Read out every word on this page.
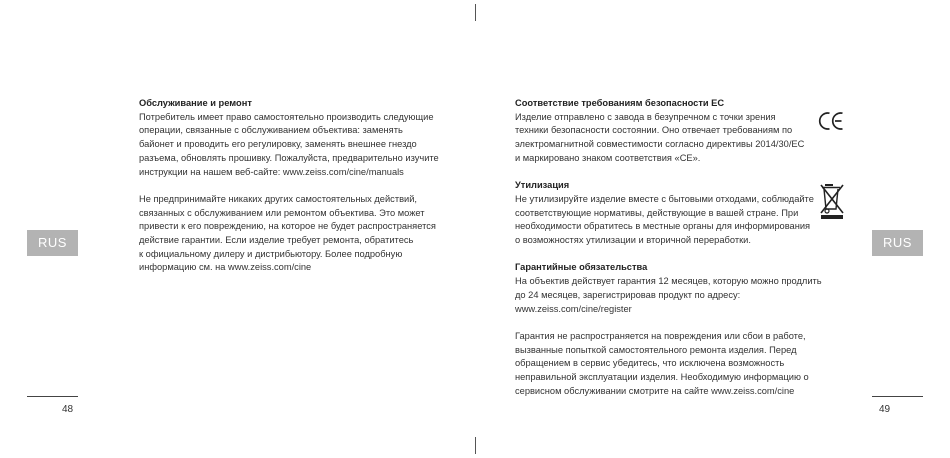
RUS	RUS
48	49
Обслуживание и ремонт
Потребитель имеет право самостоятельно производить следующие
операции, связанные с обслуживанием объектива: заменять
байонет и проводить его регулировку, заменять внешнее гнездо
разъема, обновлять прошивку. Пожалуйста, предварительно изучите
инструкции на нашем веб-сайте: www.zeiss.com/cine/manuals
Не предпринимайте никаких других самостоятельных действий,
связанных с обслуживанием или ремонтом объектива. Это может
привести к его повреждению, на которое не будет распространяется
действие гарантии. Если изделие требует ремонта, обратитесь
к официальному дилеру и дистрибьютору. Более подробную
информацию см. на www.zeiss.com/cine
Соответствие требованиям безопасности ЕС
Изделие отправлено с завода в безупречном с точки зрения
техники безопасности состоянии. Оно отвечает требованиям по
электромагнитной совместимости согласно директивы 2014/30/ЕС
и маркировано знаком соответствия «CE».
Утилизация
Не утилизируйте изделие вместе с бытовыми отходами, соблюдайте
соответствующие нормативы, действующие в вашей стране. При
необходимости обратитесь в местные органы для информирования
о возможностях утилизации и вторичной переработки.
Гарантийные обязательства
На объектив действует гарантия 12 месяцев, которую можно продлить
до 24 месяцев, зарегистрировав продукт по адресу:
www.zeiss.com/cine/register
Гарантия не распространяется на повреждения или сбои в работе,
вызванные попыткой самостоятельного ремонта изделия. Перед
обращением в сервис убедитесь, что исключена возможность
неправильной эксплуатации изделия. Необходимую информацию о
сервисном обслуживании смотрите на сайте www.zeiss.com/cine
